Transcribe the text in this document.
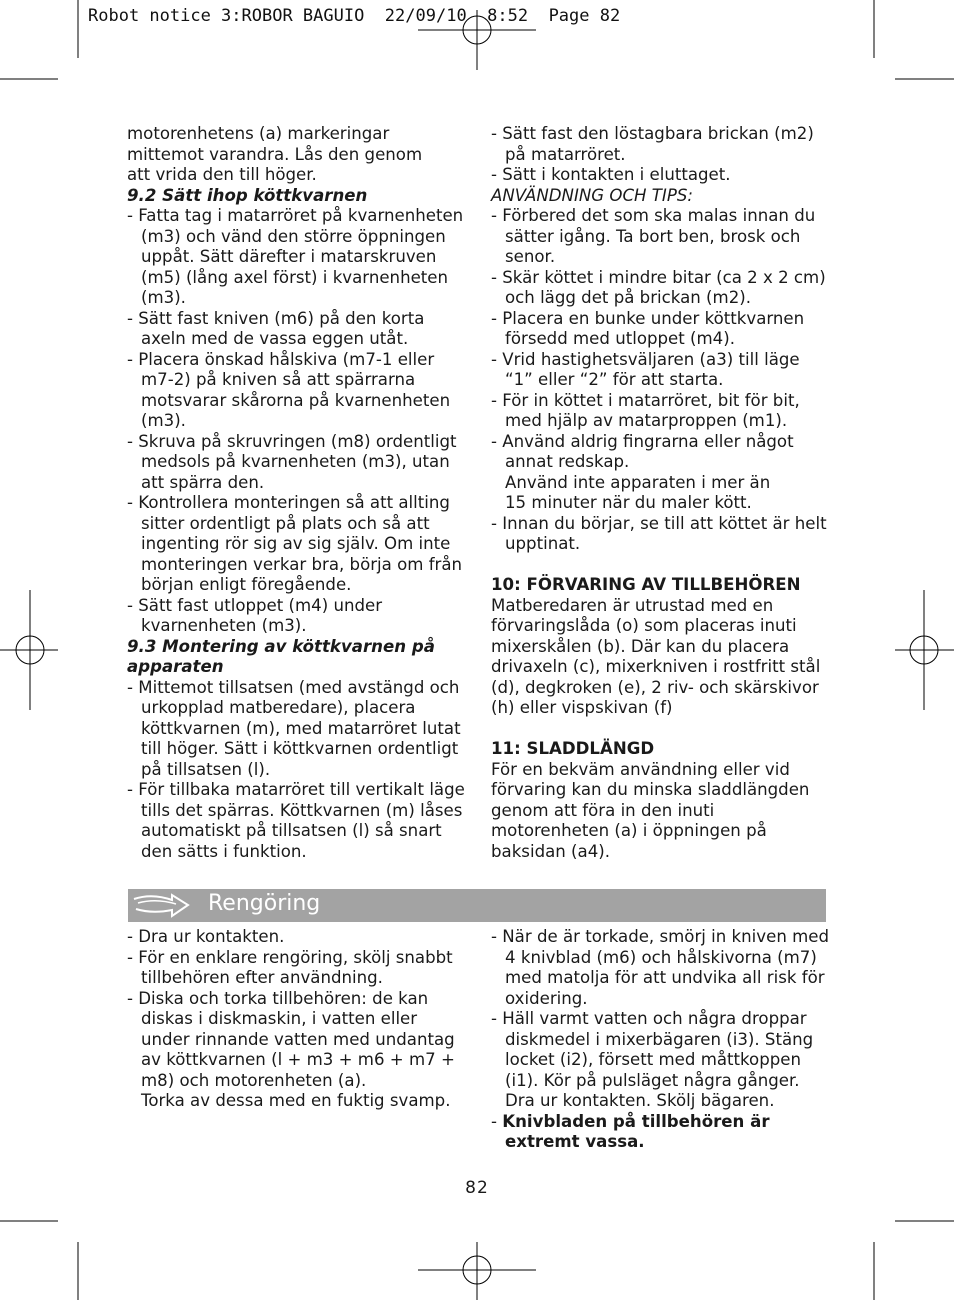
Robot notice 3:ROBOR BAGUIO  22/09/10  8:52  Page 82

motorenhetens (a) markeringar

mittemot varandra. Lås den genom

att vrida den till höger.

9.2 Sätt ihop köttkvarnen

- Fatta tag i matarröret på kvarnenheten (m3) och vänd den större öppningen uppåt. Sätt därefter i matarskruven (m5) (lång axel först) i kvarnenheten (m3).

- Sätt fast kniven (m6) på den korta axeln med de vassa eggen utåt.

- Placera önskad hålskiva (m7-1 eller m7-2) på kniven så att spärrarna motsvarar skårorna på kvarnenheten (m3).

- Skruva på skruvringen (m8) ordentligt medsols på kvarnenheten (m3), utan att spärra den.

- Kontrollera monteringen så att allting sitter ordentligt på plats och så att ingenting rör sig av sig själv. Om inte monteringen verkar bra, börja om från början enligt föregående.

- Sätt fast utloppet (m4) under kvarnenheten (m3).

9.3 Montering av köttkvarnen på apparaten

- Mittemot tillsatsen (med avstängd och urkopplad matberedare), placera köttkvarnen (m), med matarröret lutat till höger. Sätt i köttkvarnen ordentligt på tillsatsen (l).

- För tillbaka matarröret till vertikalt läge tills det spärras. Köttkvarnen (m) låses automatiskt på tillsatsen (l) så snart den sätts i funktion.

- Sätt fast den löstagbara brickan (m2) på matarröret.

- Sätt i kontakten i eluttaget.

ANVÄNDNING OCH TIPS:

- Förbered det som ska malas innan du sätter igång. Ta bort ben, brosk och senor.

- Skär köttet i mindre bitar (ca 2 x 2 cm) och lägg det på brickan (m2).

- Placera en bunke under köttkvarnen försedd med utloppet (m4).

- Vrid hastighetsväljaren (a3) till läge “1” eller “2” för att starta.

- För in köttet i matarröret, bit för bit, med hjälp av matarproppen (m1).

- Använd aldrig fingrarna eller något annat redskap.

Använd inte apparaten i mer än

15 minuter när du maler kött.

- Innan du börjar, se till att köttet är helt upptinat.

10: FÖRVARING AV TILLBEHÖREN

Matberedaren är utrustad med en förvaringslåda (o) som placeras inuti mixerskålen (b). Där kan du placera drivaxeln (c), mixerkniven i rostfritt stål (d), degkroken (e), 2 riv- och skärskivor (h) eller vispskivan (f)

11: SLADDLÄNGD

För en bekväm användning eller vid förvaring kan du minska sladdlängden genom att föra in den inuti motorenheten (a) i öppningen på baksidan (a4).

Rengöring

- Dra ur kontakten.

- För en enklare rengöring, skölj snabbt tillbehören efter användning.

- Diska och torka tillbehören: de kan diskas i diskmaskin, i vatten eller under rinnande vatten med undantag av köttkvarnen (l + m3 + m6 + m7 + m8) och motorenheten (a).

Torka av dessa med en fuktig svamp.

- När de är torkade, smörj in kniven med 4 knivblad (m6) och hålskivorna (m7) med matolja för att undvika all risk för oxidering.

- Häll varmt vatten och några droppar diskmedel i mixerbägaren (i3). Stäng locket (i2), försett med måttkoppen (i1). Kör på pulsläget några gånger. Dra ur kontakten. Skölj bägaren.

- Knivbladen på tillbehören är extremt vassa.

82
